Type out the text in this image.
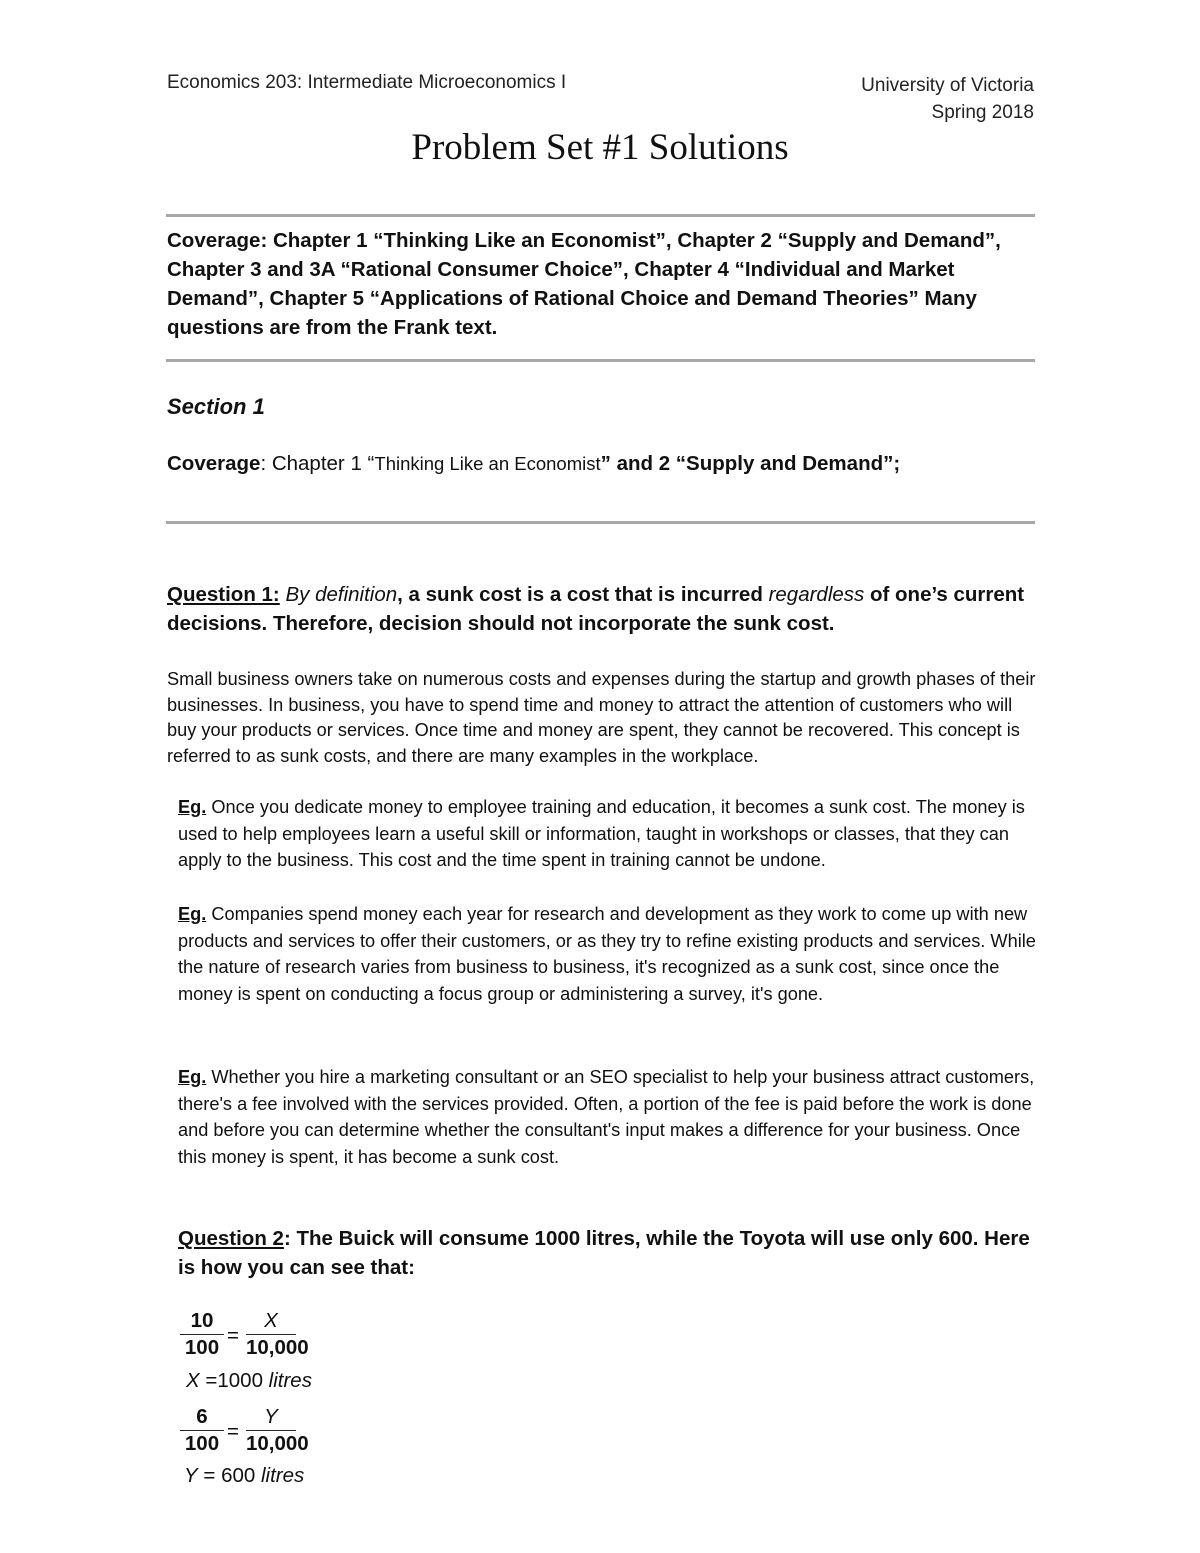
Economics 203: Intermediate Microeconomics I	University of Victoria
Spring 2018
Problem Set #1 Solutions
Coverage: Chapter 1 “Thinking Like an Economist”, Chapter 2 “Supply and Demand”, Chapter 3 and 3A “Rational Consumer Choice”, Chapter 4 “Individual and Market Demand”, Chapter 5 “Applications of Rational Choice and Demand Theories” Many questions are from the Frank text.
Section 1
Coverage: Chapter 1 “Thinking Like an Economist” and 2 “Supply and Demand”;
Question 1: By definition, a sunk cost is a cost that is incurred regardless of one’s current decisions. Therefore, decision should not incorporate the sunk cost.
Small business owners take on numerous costs and expenses during the startup and growth phases of their businesses. In business, you have to spend time and money to attract the attention of customers who will buy your products or services. Once time and money are spent, they cannot be recovered. This concept is referred to as sunk costs, and there are many examples in the workplace.
Eg. Once you dedicate money to employee training and education, it becomes a sunk cost. The money is used to help employees learn a useful skill or information, taught in workshops or classes, that they can apply to the business. This cost and the time spent in training cannot be undone.
Eg. Companies spend money each year for research and development as they work to come up with new products and services to offer their customers, or as they try to refine existing products and services. While the nature of research varies from business to business, it's recognized as a sunk cost, since once the money is spent on conducting a focus group or administering a survey, it's gone.
Eg. Whether you hire a marketing consultant or an SEO specialist to help your business attract customers, there's a fee involved with the services provided. Often, a portion of the fee is paid before the work is done and before you can determine whether the consultant's input makes a difference for your business. Once this money is spent, it has become a sunk cost.
Question 2: The Buick will consume 1000 litres, while the Toyota will use only 600. Here is how you can see that:
10
100
=
X
10,000
X =1000 litres
6
100
=
Y
10,000
Y = 600 litres
